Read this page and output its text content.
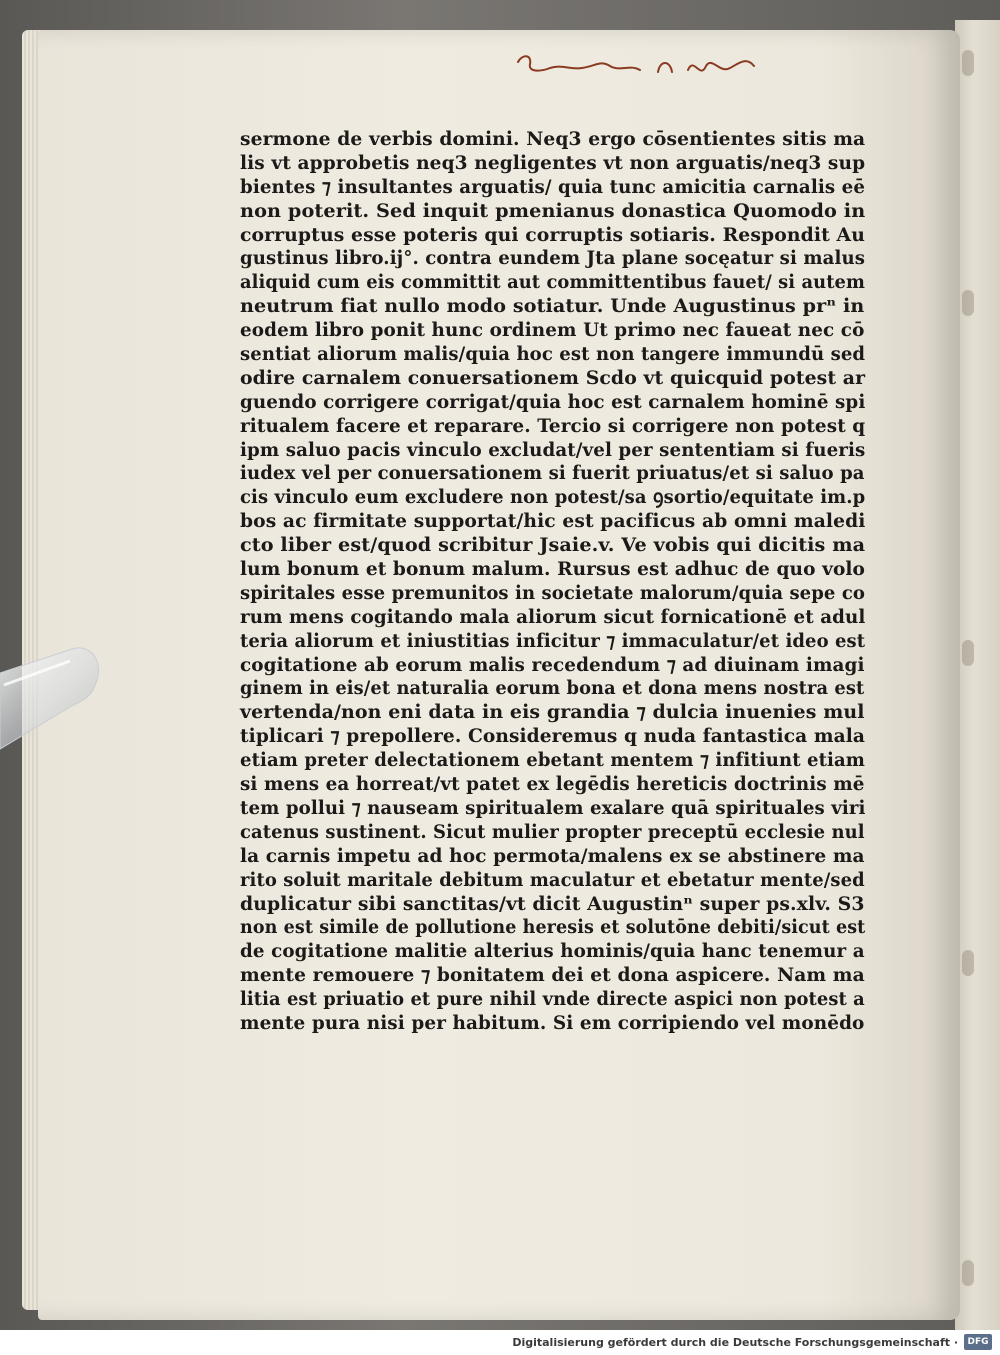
sermone de verbis domini. Neq3 ergo cōsentientes sitis ma
lis vt approbetis neq3 negligentes vt non arguatis/neq3 sup
bientes ⁊ insultantes arguatis/ quia tunc amicitia carnalis eē
non poterit. Sed inquit pmenianus donastica Quomodo in
corruptus esse poteris qui corruptis sotiaris. Respondit Au
gustinus libro.ij°. contra eundem Jta plane socęatur si malus
aliquid cum eis committit aut committentibus fauet/ si autem
neutrum fiat nullo modo sotiatur. Unde Augustinus prⁿ in
eodem libro ponit hunc ordinem Ut primo nec faueat nec cō
sentiat aliorum malis/quia hoc est non tangere immundū sed
odire carnalem conuersationem Scdo vt quicquid potest ar
guendo corrigere corrigat/quia hoc est carnalem hominē spi
ritualem facere et reparare. Tercio si corrigere non potest q
ipm saluo pacis vinculo excludat/vel per sententiam si fueris
iudex vel per conuersationem si fuerit priuatus/et si saluo pa
cis vinculo eum excludere non potest/sa ꝯsortio/equitate im.p
bos ac firmitate supportat/hic est pacificus ab omni maledi
cto liber est/quod scribitur Jsaie.v. Ve vobis qui dicitis ma
lum bonum et bonum malum. Rursus est adhuc de quo volo
spiritales esse premunitos in societate malorum/quia sepe co
rum mens cogitando mala aliorum sicut fornicationē et adul
teria aliorum et iniustitias inficitur ⁊ immaculatur/et ideo est
cogitatione ab eorum malis recedendum ⁊ ad diuinam imagi
ginem in eis/et naturalia eorum bona et dona mens nostra est
vertenda/non eni data in eis grandia ⁊ dulcia inuenies mul
tiplicari ⁊ prepollere. Consideremus q nuda fantastica mala
etiam preter delectationem ebetant mentem ⁊ infitiunt etiam
si mens ea horreat/vt patet ex legēdis hereticis doctrinis mē
tem pollui ⁊ nauseam spiritualem exalare quā spirituales viri
catenus sustinent. Sicut mulier propter preceptū ecclesie nul
la carnis impetu ad hoc permota/malens ex se abstinere ma
rito soluit maritale debitum maculatur et ebetatur mente/sed
duplicatur sibi sanctitas/vt dicit Augustinⁿ super ps.xlv. S3
non est simile de pollutione heresis et solutōne debiti/sicut est
de cogitatione malitie alterius hominis/quia hanc tenemur a
mente remouere ⁊ bonitatem dei et dona aspicere. Nam ma
litia est priuatio et pure nihil vnde directe aspici non potest a
mente pura nisi per habitum. Si em corripiendo vel monēdo
Digitalisierung gefördert durch die Deutsche Forschungsgemeinschaft ·	DFG
